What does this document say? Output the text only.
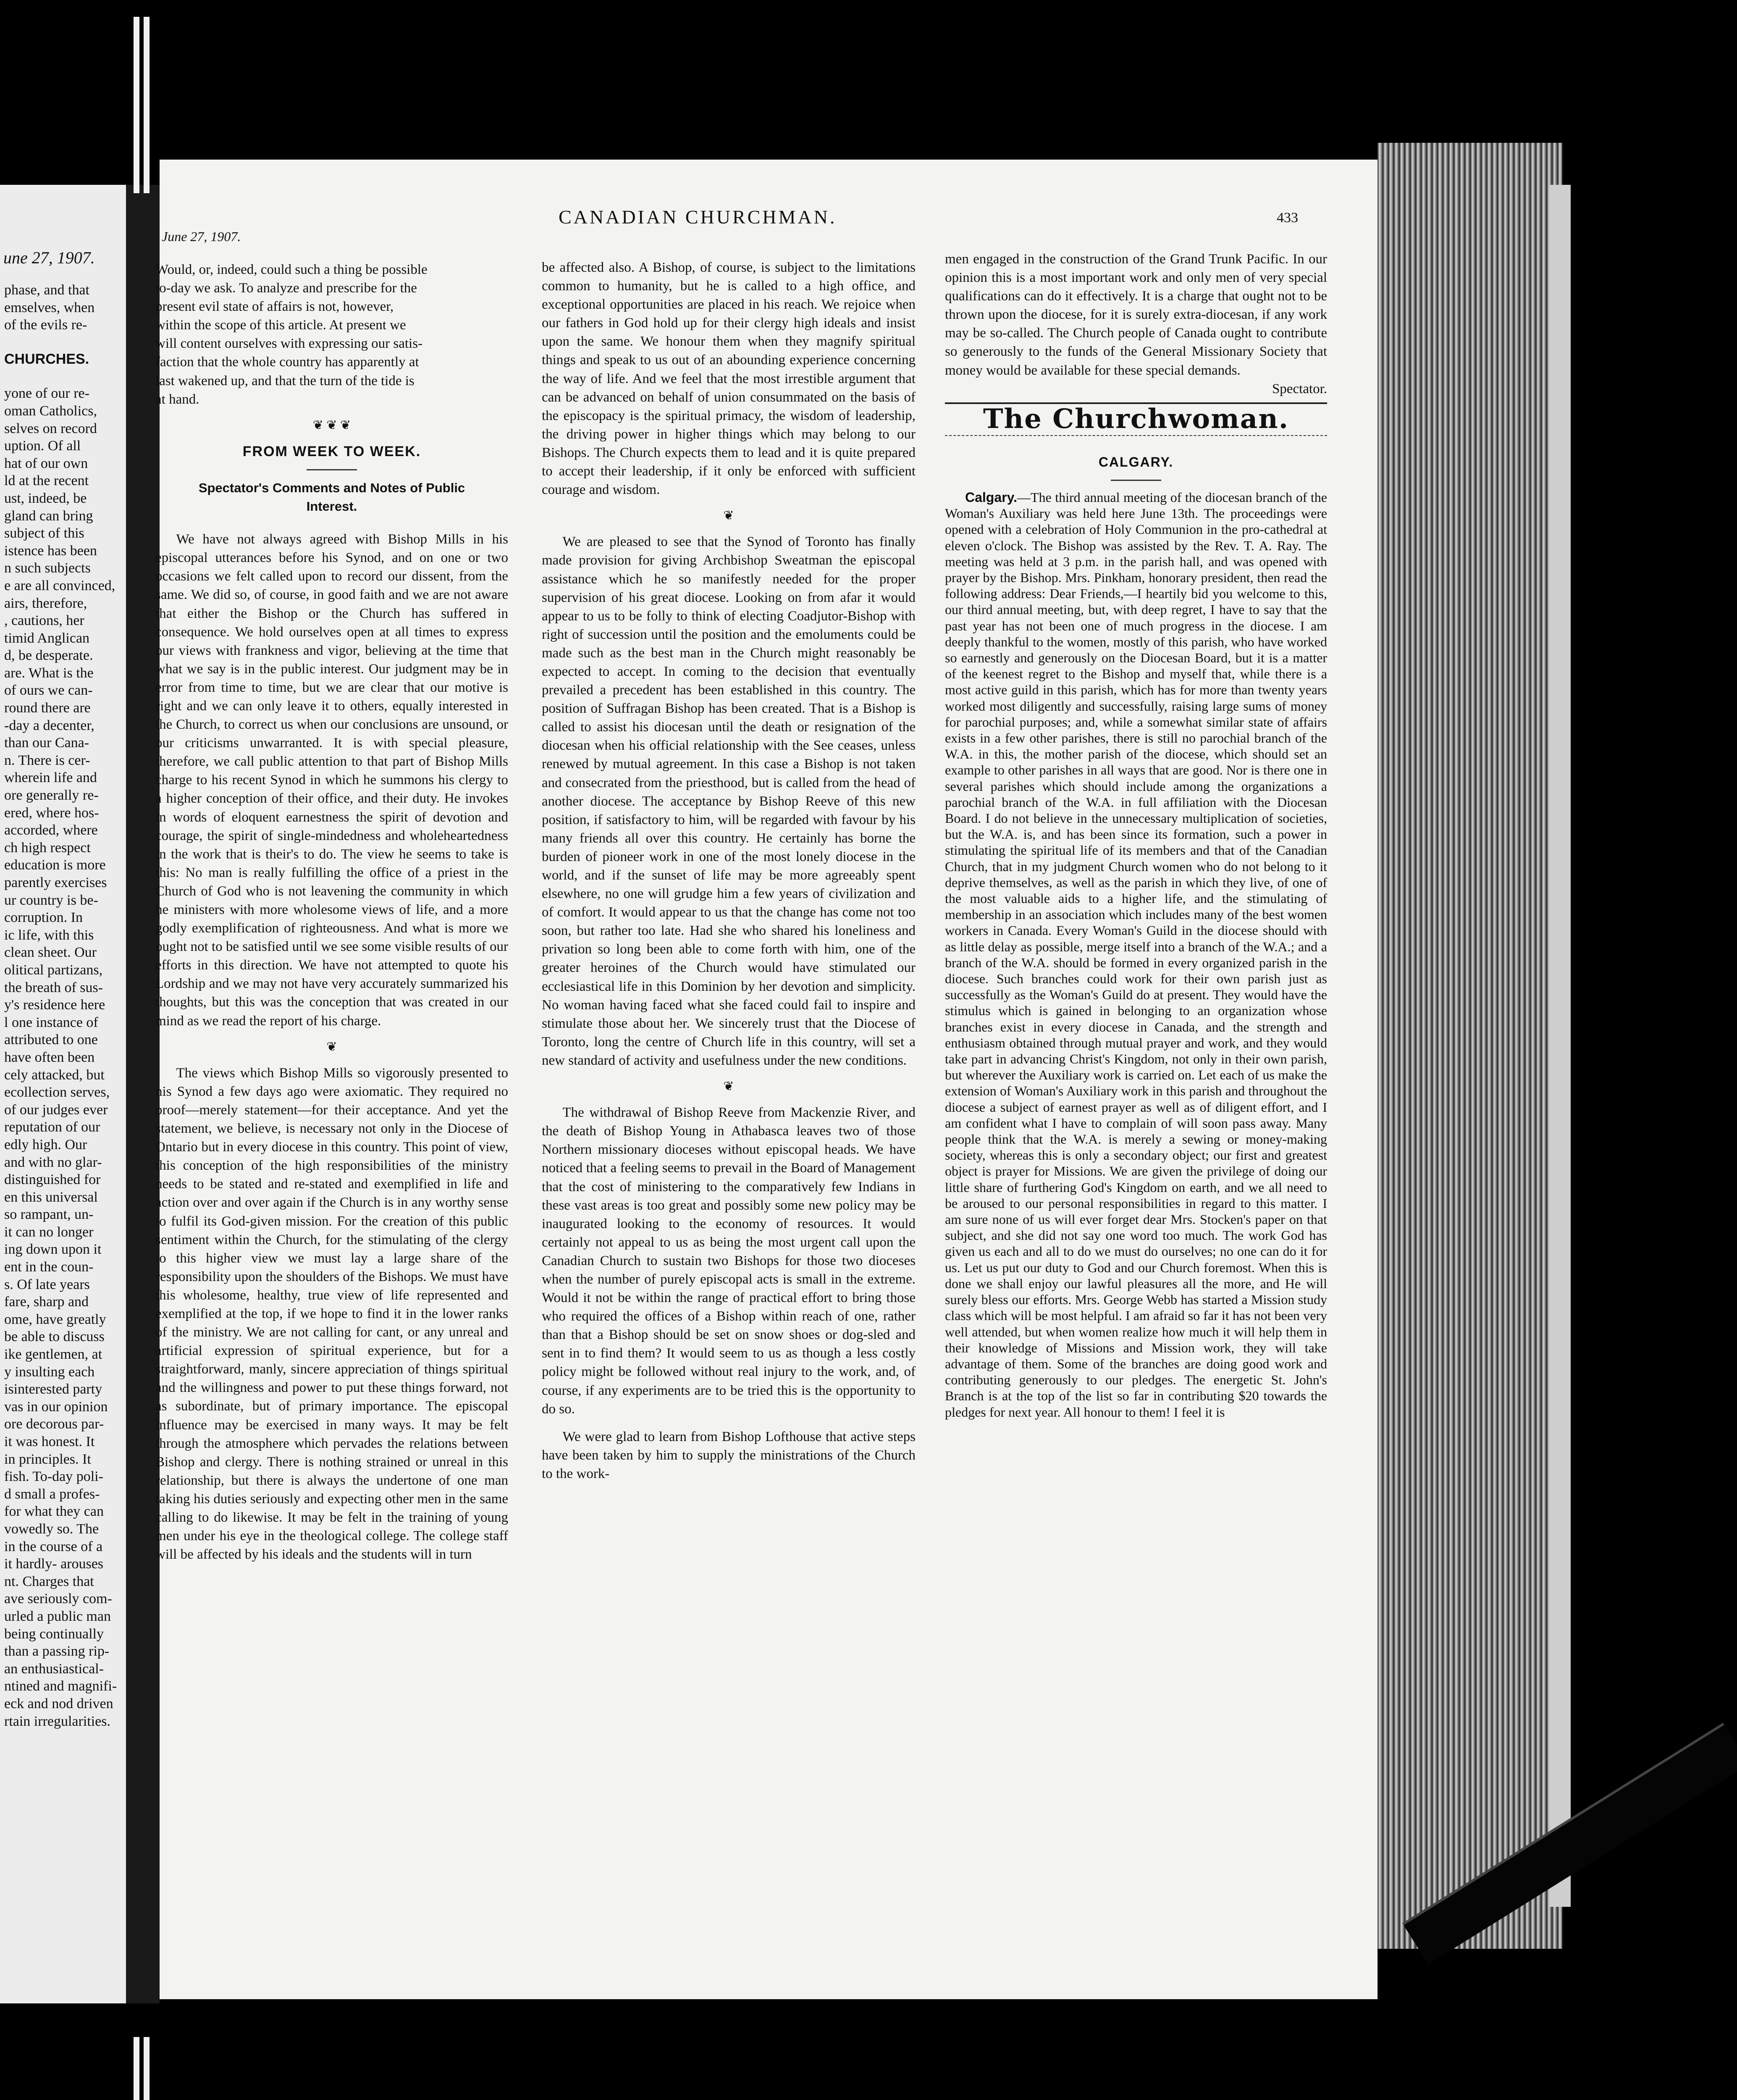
une 27, 1907.
phase, and that
emselves, when
of the evils re-
CHURCHES.
yone of our re-
oman Catholics,
selves on record
uption. Of all
hat of our own
ld at the recent
ust, indeed, be
gland can bring
subject of this
istence has been
n such subjects
e are all convinced,
airs, therefore,
, cautions, her
timid Anglican
d, be desperate.
are. What is the
of ours we can-
round there are
-day a decenter,
than our Cana-
n. There is cer-
wherein life and
ore generally re-
ered, where hos-
accorded, where
ch high respect
education is more
parently exercises
ur country is be-
corruption. In
ic life, with this
clean sheet. Our
olitical partizans,
the breath of sus-
y's residence here
l one instance of
attributed to one
have often been
cely attacked, but
ecollection serves,
of our judges ever
reputation of our
edly high. Our
and with no glar-
distinguished for
en this universal
so rampant, un-
it can no longer
ing down upon it
ent in the coun-
s. Of late years
fare, sharp and
ome, have greatly
be able to discuss
ike gentlemen, at
y insulting each
isinterested party
vas in our opinion
ore decorous par-
it was honest. It
in principles. It
fish. To-day poli-
d small a profes-
for what they can
vowedly so. The
in the course of a
it hardly- arouses
nt. Charges that
ave seriously com-
urled a public man
being continually
than a passing rip-
an enthusiastical-
ntined and magnifi-
eck and nod driven
rtain irregularities.
June 27, 1907.
CANADIAN CHURCHMAN.	433
Would, or, indeed, could such a thing be possible
to-day we ask. To analyze and prescribe for the
present evil state of affairs is not, however,
within the scope of this article. At present we
will content ourselves with expressing our satis-
faction that the whole country has apparently at
last wakened up, and that the turn of the tide is
at hand.
❦ ❦ ❦
FROM WEEK TO WEEK.
Spectator's Comments and Notes of Public Interest.

We have not always agreed with Bishop Mills in his episcopal utterances before his Synod, and on one or two occasions we felt called upon to record our dissent, from the same. We did so, of course, in good faith and we are not aware that either the Bishop or the Church has suffered in consequence. We hold ourselves open at all times to express our views with frankness and vigor, believing at the time that what we say is in the public interest. Our judgment may be in error from time to time, but we are clear that our motive is right and we can only leave it to others, equally interested in the Church, to correct us when our conclusions are unsound, or our criticisms unwarranted. It is with special pleasure, therefore, we call public attention to that part of Bishop Mills charge to his recent Synod in which he summons his clergy to a higher conception of their office, and their duty. He invokes in words of eloquent earnestness the spirit of devotion and courage, the spirit of single-mindedness and wholeheartedness in the work that is their's to do. The view he seems to take is this: No man is really fulfilling the office of a priest in the Church of God who is not leavening the community in which he ministers with more wholesome views of life, and a more godly exemplification of righteousness. And what is more we ought not to be satisfied until we see some visible results of our efforts in this direction. We have not attempted to quote his Lordship and we may not have very accurately summarized his thoughts, but this was the conception that was created in our mind as we read the report of his charge.

❦

The views which Bishop Mills so vigorously presented to his Synod a few days ago were axiomatic. They required no proof—merely statement—for their acceptance. And yet the statement, we believe, is necessary not only in the Diocese of Ontario but in every diocese in this country. This point of view, this conception of the high responsibilities of the ministry needs to be stated and re-stated and exemplified in life and action over and over again if the Church is in any worthy sense to fulfil its God-given mission. For the creation of this public sentiment within the Church, for the stimulating of the clergy to this higher view we must lay a large share of the responsibility upon the shoulders of the Bishops. We must have this wholesome, healthy, true view of life represented and exemplified at the top, if we hope to find it in the lower ranks of the ministry. We are not calling for cant, or any unreal and artificial expression of spiritual experience, but for a straightforward, manly, sincere appreciation of things spiritual and the willingness and power to put these things forward, not as subordinate, but of primary importance. The episcopal influence may be exercised in many ways. It may be felt through the atmosphere which pervades the relations between Bishop and clergy. There is nothing strained or unreal in this relationship, but there is always the undertone of one man taking his duties seriously and expecting other men in the same calling to do likewise. It may be felt in the training of young men under his eye in the theological college. The college staff will be affected by his ideals and the students will in turn

be affected also. A Bishop, of course, is subject to the limitations common to humanity, but he is called to a high office, and exceptional opportunities are placed in his reach. We rejoice when our fathers in God hold up for their clergy high ideals and insist upon the same. We honour them when they magnify spiritual things and speak to us out of an abounding experience concerning the way of life. And we feel that the most irrestible argument that can be advanced on behalf of union consummated on the basis of the episcopacy is the spiritual primacy, the wisdom of leadership, the driving power in higher things which may belong to our Bishops. The Church expects them to lead and it is quite prepared to accept their leadership, if it only be enforced with sufficient courage and wisdom.

❦

We are pleased to see that the Synod of Toronto has finally made provision for giving Archbishop Sweatman the episcopal assistance which he so manifestly needed for the proper supervision of his great diocese. Looking on from afar it would appear to us to be folly to think of electing Coadjutor-Bishop with right of succession until the position and the emoluments could be made such as the best man in the Church might reasonably be expected to accept. In coming to the decision that eventually prevailed a precedent has been established in this country. The position of Suffragan Bishop has been created. That is a Bishop is called to assist his diocesan until the death or resignation of the diocesan when his official relationship with the See ceases, unless renewed by mutual agreement. In this case a Bishop is not taken and consecrated from the priesthood, but is called from the head of another diocese. The acceptance by Bishop Reeve of this new position, if satisfactory to him, will be regarded with favour by his many friends all over this country. He certainly has borne the burden of pioneer work in one of the most lonely diocese in the world, and if the sunset of life may be more agreeably spent elsewhere, no one will grudge him a few years of civilization and of comfort. It would appear to us that the change has come not too soon, but rather too late. Had she who shared his loneliness and privation so long been able to come forth with him, one of the greater heroines of the Church would have stimulated our ecclesiastical life in this Dominion by her devotion and simplicity. No woman having faced what she faced could fail to inspire and stimulate those about her. We sincerely trust that the Diocese of Toronto, long the centre of Church life in this country, will set a new standard of activity and usefulness under the new conditions.

❦

The withdrawal of Bishop Reeve from Mackenzie River, and the death of Bishop Young in Athabasca leaves two of those Northern missionary dioceses without episcopal heads. We have noticed that a feeling seems to prevail in the Board of Management that the cost of ministering to the comparatively few Indians in these vast areas is too great and possibly some new policy may be inaugurated looking to the economy of resources. It would certainly not appeal to us as being the most urgent call upon the Canadian Church to sustain two Bishops for those two dioceses when the number of purely episcopal acts is small in the extreme. Would it not be within the range of practical effort to bring those who required the offices of a Bishop within reach of one, rather than that a Bishop should be set on snow shoes or dog-sled and sent in to find them? It would seem to us as though a less costly policy might be followed without real injury to the work, and, of course, if any experiments are to be tried this is the opportunity to do so.

We were glad to learn from Bishop Lofthouse that active steps have been taken by him to supply the ministrations of the Church to the work-

men engaged in the construction of the Grand Trunk Pacific. In our opinion this is a most important work and only men of very special qualifications can do it effectively. It is a charge that ought not to be thrown upon the diocese, for it is surely extra-diocesan, if any work may be so-called. The Church people of Canada ought to contribute so generously to the funds of the General Missionary Society that money would be available for these special demands.

Spectator.
The Churchwoman.
CALGARY.

Calgary.—The third annual meeting of the diocesan branch of the Woman's Auxiliary was held here June 13th. The proceedings were opened with a celebration of Holy Communion in the pro-cathedral at eleven o'clock. The Bishop was assisted by the Rev. T. A. Ray. The meeting was held at 3 p.m. in the parish hall, and was opened with prayer by the Bishop. Mrs. Pinkham, honorary president, then read the following address: Dear Friends,—I heartily bid you welcome to this, our third annual meeting, but, with deep regret, I have to say that the past year has not been one of much progress in the diocese. I am deeply thankful to the women, mostly of this parish, who have worked so earnestly and generously on the Diocesan Board, but it is a matter of the keenest regret to the Bishop and myself that, while there is a most active guild in this parish, which has for more than twenty years worked most diligently and successfully, raising large sums of money for parochial purposes; and, while a somewhat similar state of affairs exists in a few other parishes, there is still no parochial branch of the W.A. in this, the mother parish of the diocese, which should set an example to other parishes in all ways that are good. Nor is there one in several parishes which should include among the organizations a parochial branch of the W.A. in full affiliation with the Diocesan Board. I do not believe in the unnecessary multiplication of societies, but the W.A. is, and has been since its formation, such a power in stimulating the spiritual life of its members and that of the Canadian Church, that in my judgment Church women who do not belong to it deprive themselves, as well as the parish in which they live, of one of the most valuable aids to a higher life, and the stimulating of membership in an association which includes many of the best women workers in Canada. Every Woman's Guild in the diocese should with as little delay as possible, merge itself into a branch of the W.A.; and a branch of the W.A. should be formed in every organized parish in the diocese. Such branches could work for their own parish just as successfully as the Woman's Guild do at present. They would have the stimulus which is gained in belonging to an organization whose branches exist in every diocese in Canada, and the strength and enthusiasm obtained through mutual prayer and work, and they would take part in advancing Christ's Kingdom, not only in their own parish, but wherever the Auxiliary work is carried on. Let each of us make the extension of Woman's Auxiliary work in this parish and throughout the diocese a subject of earnest prayer as well as of diligent effort, and I am confident what I have to complain of will soon pass away. Many people think that the W.A. is merely a sewing or money-making society, whereas this is only a secondary object; our first and greatest object is prayer for Missions. We are given the privilege of doing our little share of furthering God's Kingdom on earth, and we all need to be aroused to our personal responsibilities in regard to this matter. I am sure none of us will ever forget dear Mrs. Stocken's paper on that subject, and she did not say one word too much. The work God has given us each and all to do we must do ourselves; no one can do it for us. Let us put our duty to God and our Church foremost. When this is done we shall enjoy our lawful pleasures all the more, and He will surely bless our efforts. Mrs. George Webb has started a Mission study class which will be most helpful. I am afraid so far it has not been very well attended, but when women realize how much it will help them in their knowledge of Missions and Mission work, they will take advantage of them. Some of the branches are doing good work and contributing generously to our pledges. The energetic St. John's Branch is at the top of the list so far in contributing $20 towards the pledges for next year. All honour to them! I feel it is
